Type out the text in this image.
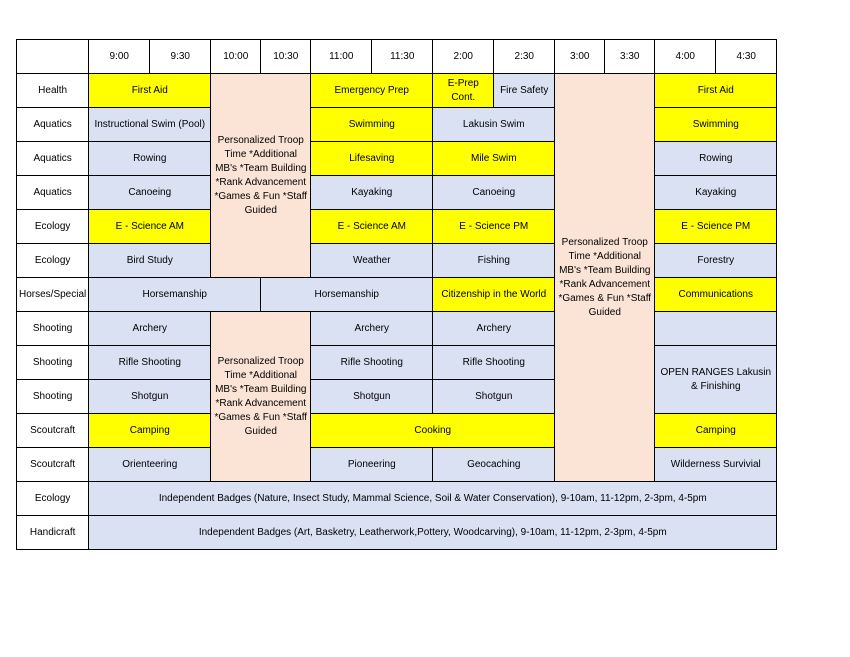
	9:00	9:30	10:00	10:30	11:00	11:30	2:00	2:30	3:00	3:30	4:00	4:30
Health	First Aid		Personalized Troop Time *Additional MB's *Team Building *Rank Advancement *Games & Fun *Staff Guided		Emergency Prep		E-Prep Cont.	Fire Safety	Personalized Troop Time *Additional MB's *Team Building *Rank Advancement *Games & Fun *Staff Guided		First Aid	
Aquatics	Instructional Swim (Pool)				Swimming		Lakusin Swim				Swimming	
Aquatics	Rowing				Lifesaving		Mile Swim				Rowing	
Aquatics	Canoeing				Kayaking		Canoeing				Kayaking	
Ecology	E - Science AM				E - Science AM		E - Science PM				E - Science PM	
Ecology	Bird Study				Weather		Fishing				Forestry	
Horses/Special	Horsemanship			Horsemanship			Citizenship in the World				Communications	
Shooting	Archery		Personalized Troop Time *Additional MB's *Team Building *Rank Advancement *Games & Fun *Staff Guided		Archery		Archery					
Shooting	Rifle Shooting				Rifle Shooting		Rifle Shooting				OPEN RANGES Lakusin & Finishing	
Shooting	Shotgun				Shotgun		Shotgun					
Scoutcraft	Camping				Cooking						Camping	
Scoutcraft	Orienteering				Pioneering		Geocaching				Wilderness Survivial	
Ecology	Independent Badges (Nature, Insect Study, Mammal Science, Soil & Water Conservation), 9-10am, 11-12pm, 2-3pm, 4-5pm											
Handicraft	Independent Badges (Art, Basketry, Leatherwork,Pottery, Woodcarving), 9-10am, 11-12pm, 2-3pm, 4-5pm											
